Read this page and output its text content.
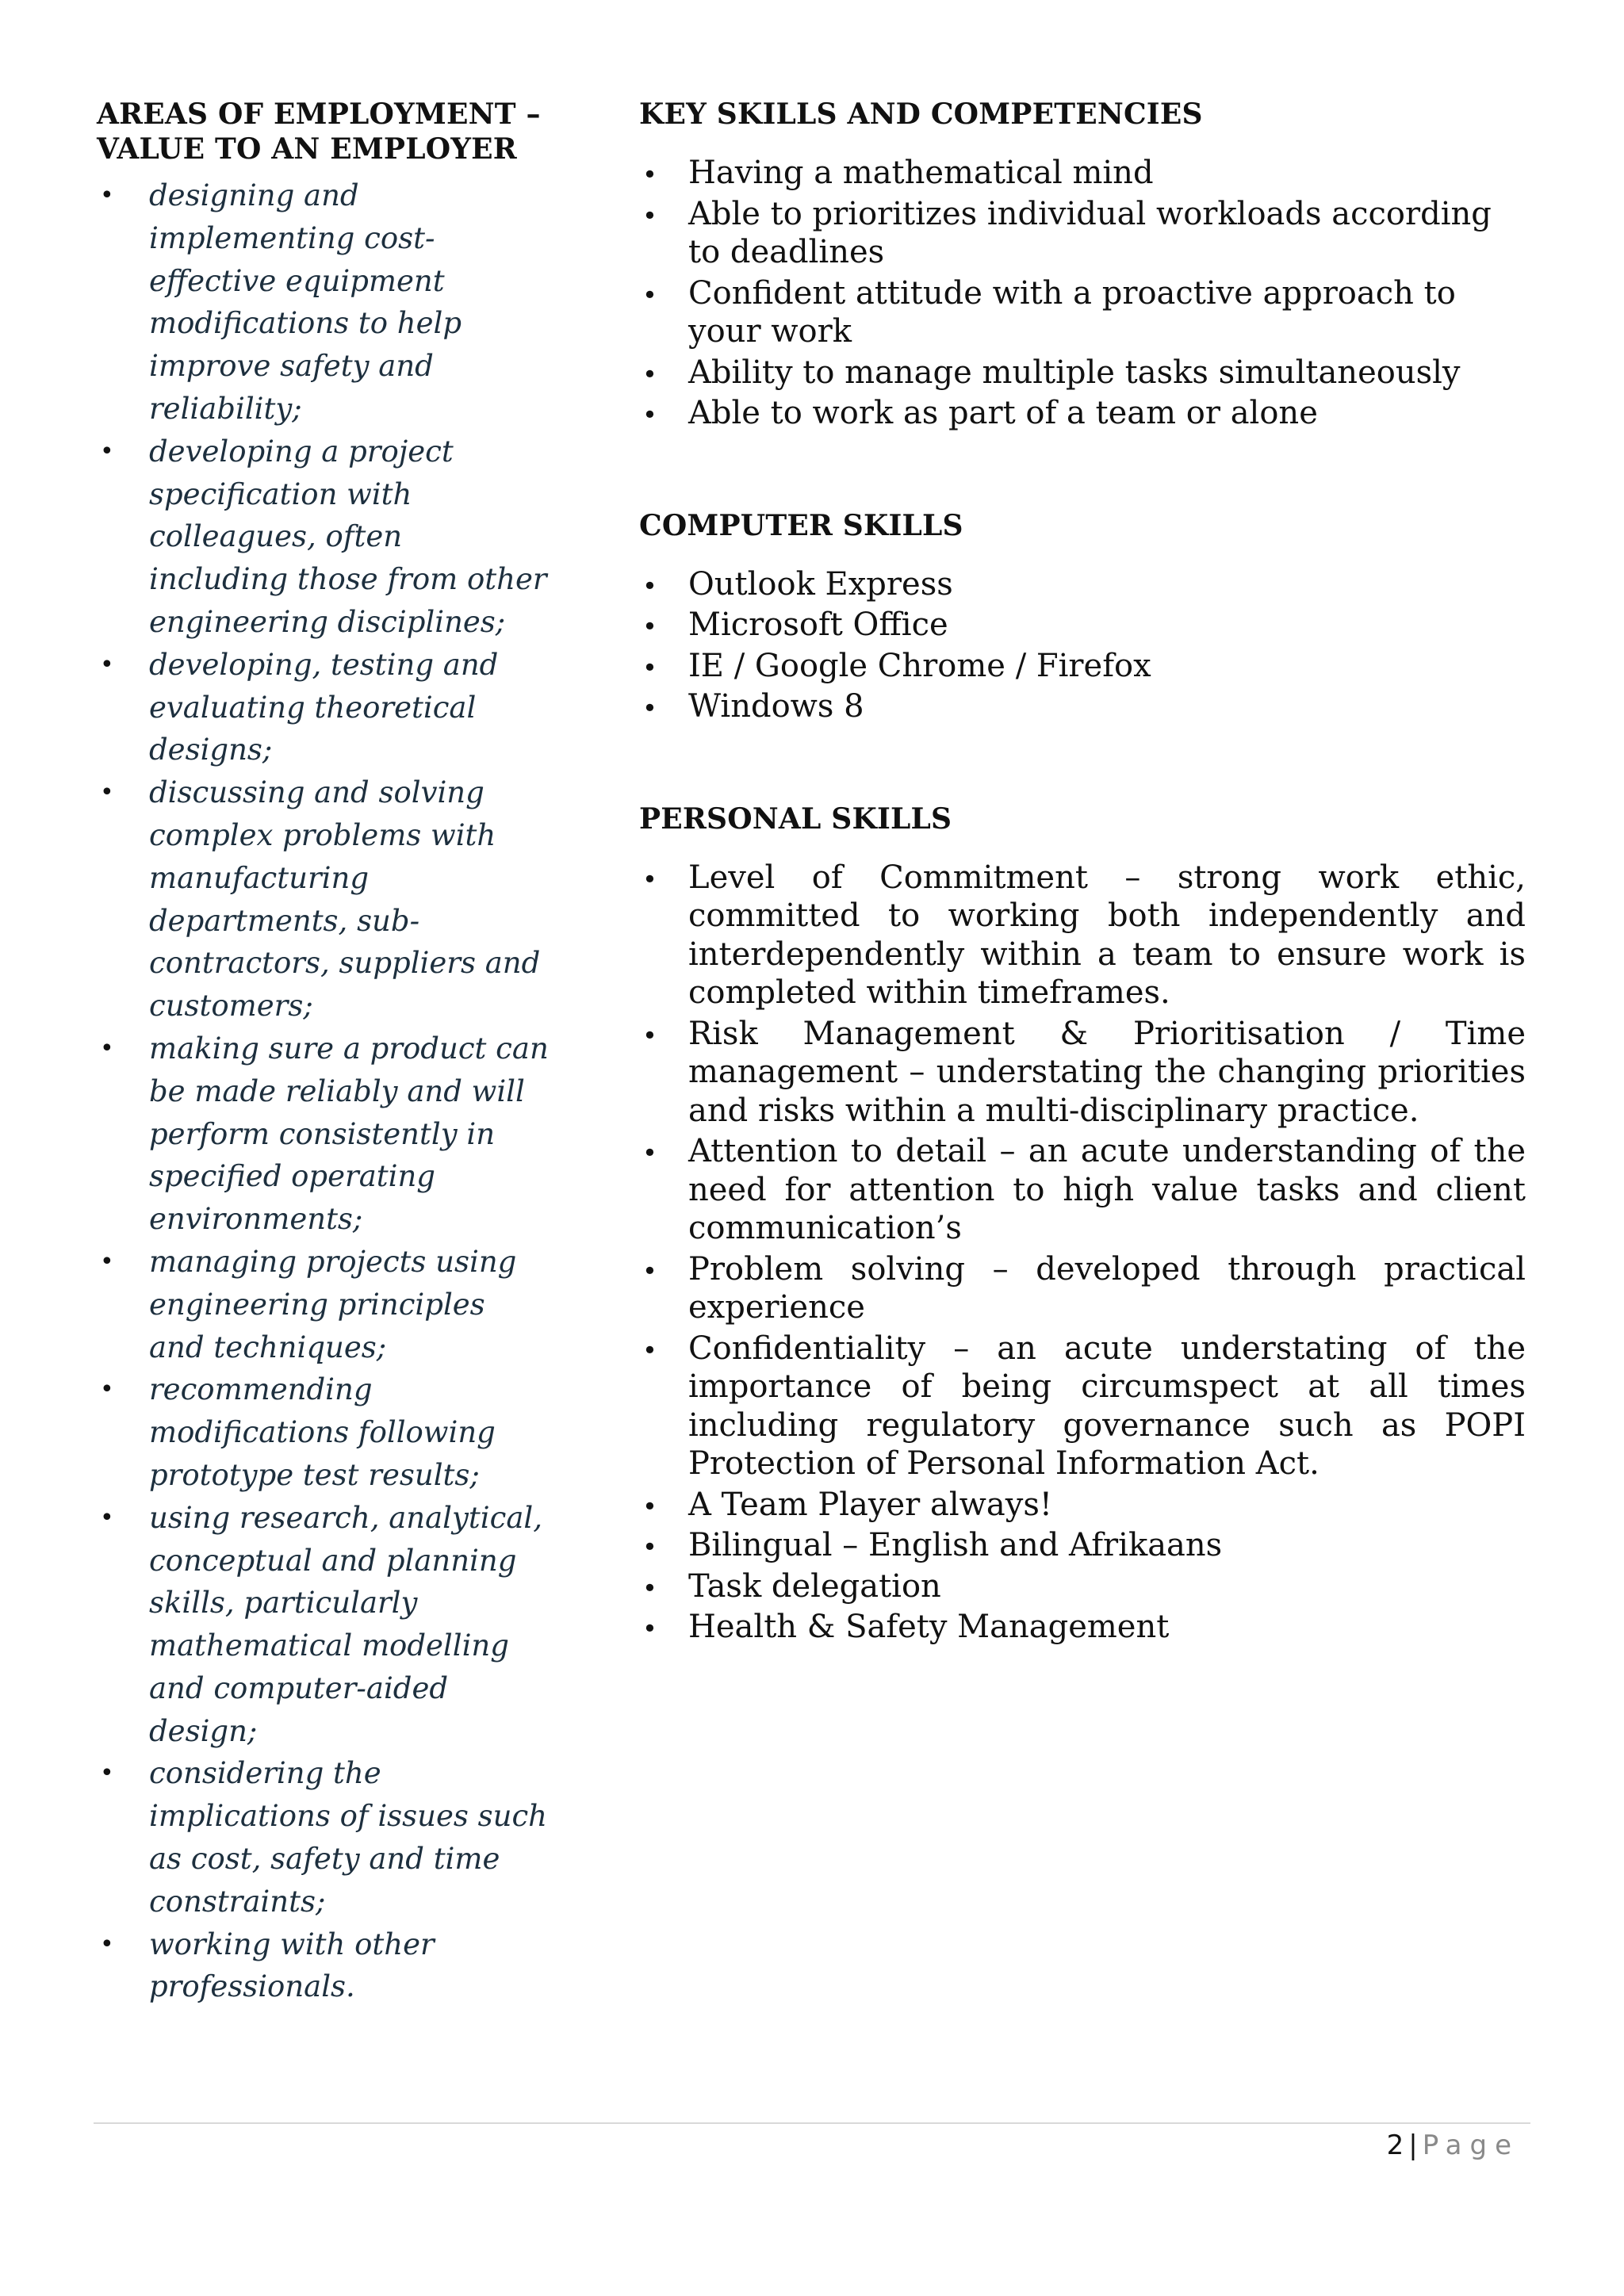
AREAS OF EMPLOYMENT –
VALUE TO AN EMPLOYER
• designing and implementing cost-effective equipment modifications to help improve safety and reliability;
• developing a project specification with colleagues, often including those from other engineering disciplines;
• developing, testing and evaluating theoretical designs;
• discussing and solving complex problems with manufacturing departments, sub-contractors, suppliers and customers;
• making sure a product can be made reliably and will perform consistently in specified operating environments;
• managing projects using engineering principles and techniques;
• recommending modifications following prototype test results;
• using research, analytical, conceptual and planning skills, particularly mathematical modelling and computer-aided design;
• considering the implications of issues such as cost, safety and time constraints;
• working with other professionals.
KEY SKILLS AND COMPETENCIES
• Having a mathematical mind
• Able to prioritizes individual workloads according to deadlines
• Confident attitude with a proactive approach to your work
• Ability to manage multiple tasks simultaneously
• Able to work as part of a team or alone
COMPUTER SKILLS
• Outlook Express
• Microsoft Office
• IE / Google Chrome / Firefox
• Windows 8
PERSONAL SKILLS
• Level of Commitment – strong work ethic, committed to working both independently and interdependently within a team to ensure work is completed within timeframes.
• Risk Management & Prioritisation / Time management – understating the changing priorities and risks within a multi-disciplinary practice.
• Attention to detail – an acute understanding of the need for attention to high value tasks and client communication’s
• Problem solving – developed through practical experience
• Confidentiality – an acute understating of the importance of being circumspect at all times including regulatory governance such as POPI Protection of Personal Information Act.
• A Team Player always!
• Bilingual – English and Afrikaans
• Task delegation
• Health & Safety Management
2 | Page
